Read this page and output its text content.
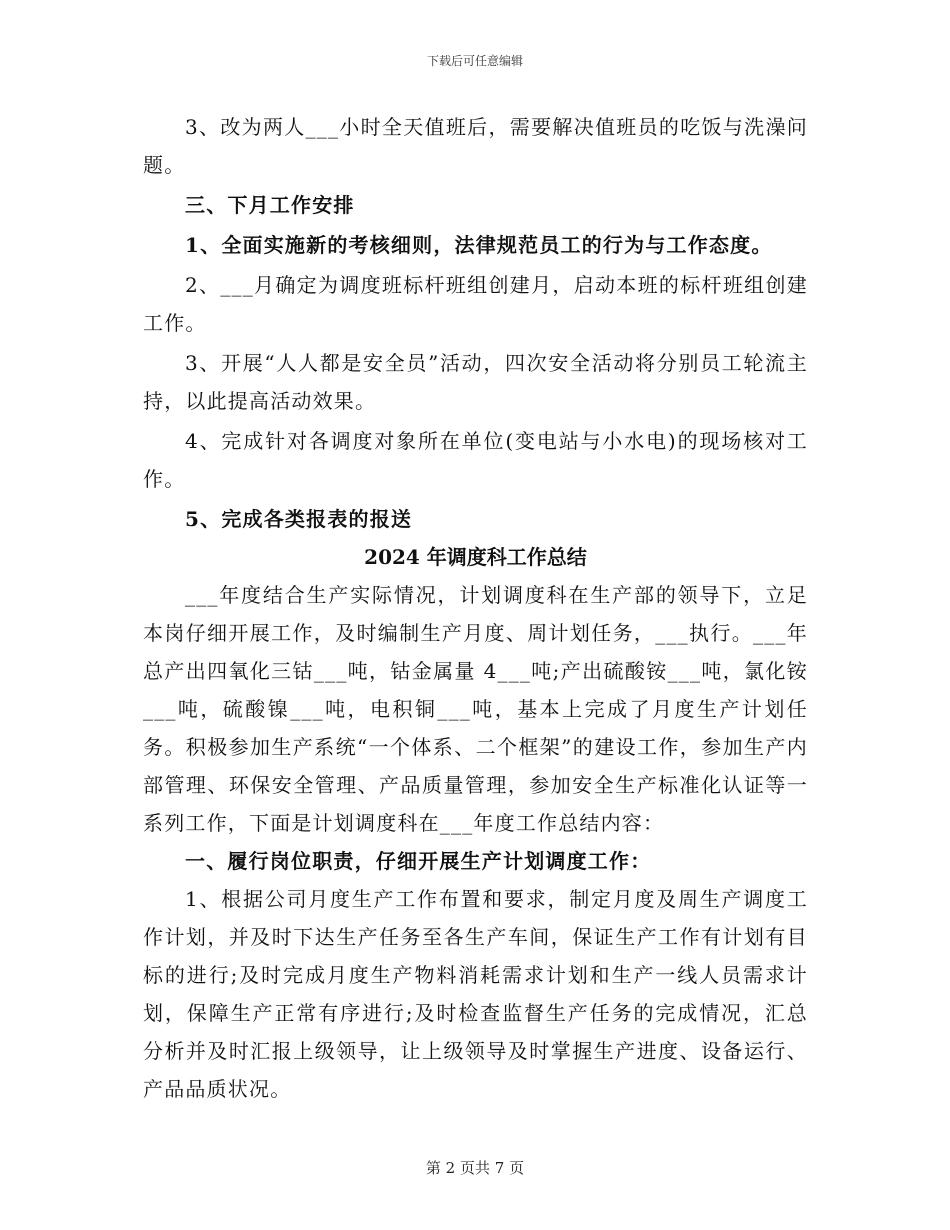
下载后可任意编辑

3、改为两人___小时全天值班后，需要解决值班员的吃饭与洗澡问题。

三、下月工作安排

1、全面实施新的考核细则，法律规范员工的行为与工作态度。

2、___月确定为调度班标杆班组创建月，启动本班的标杆班组创建工作。

3、开展“人人都是安全员”活动，四次安全活动将分别员工轮流主持，以此提高活动效果。

4、完成针对各调度对象所在单位(变电站与小水电)的现场核对工作。

5、完成各类报表的报送

2024 年调度科工作总结

___年度结合生产实际情况，计划调度科在生产部的领导下，立足本岗仔细开展工作，及时编制生产月度、周计划任务，___执行。___年总产出四氧化三钴___吨，钴金属量 4___吨;产出硫酸铵___吨，氯化铵___吨，硫酸镍___吨，电积铜___吨，基本上完成了月度生产计划任务。积极参加生产系统“一个体系、二个框架”的建设工作，参加生产内部管理、环保安全管理、产品质量管理，参加安全生产标准化认证等一系列工作，下面是计划调度科在___年度工作总结内容：

一、履行岗位职责，仔细开展生产计划调度工作：

1、根据公司月度生产工作布置和要求，制定月度及周生产调度工作计划，并及时下达生产任务至各生产车间，保证生产工作有计划有目标的进行;及时完成月度生产物料消耗需求计划和生产一线人员需求计划，保障生产正常有序进行;及时检查监督生产任务的完成情况，汇总分析并及时汇报上级领导，让上级领导及时掌握生产进度、设备运行、产品品质状况。

第 2 页共 7 页
